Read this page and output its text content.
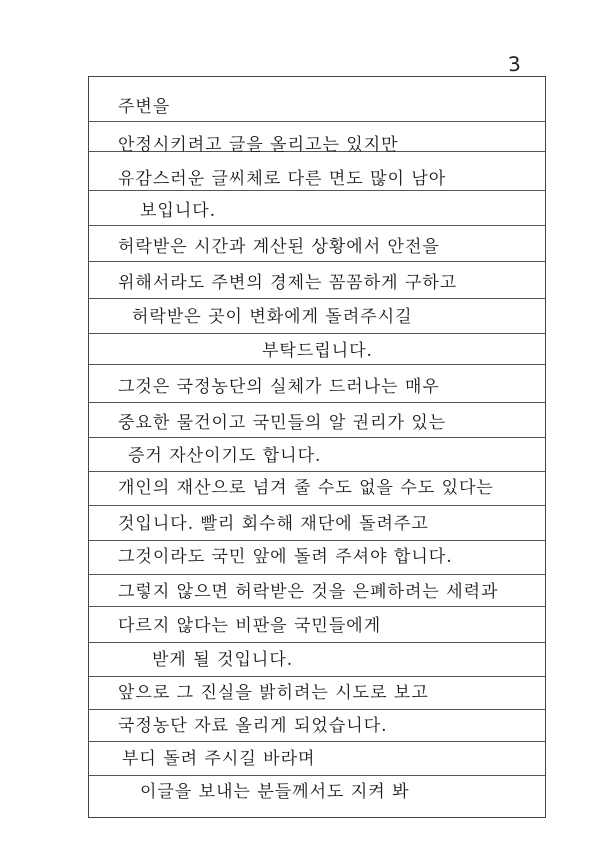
3
주변을
안정시키려고 글을 올리고는 있지만
유감스러운 글씨체로 다른 면도 많이 남아
보입니다.
허락받은 시간과 계산된 상황에서 안전을
위해서라도 주변의 경제는 꼼꼼하게 구하고
허락받은 곳이 변화에게 돌려주시길
부탁드립니다.
그것은 국정농단의 실체가 드러나는 매우
중요한 물건이고 국민들의 알 권리가 있는
증거 자산이기도 합니다.
개인의 재산으로 넘겨 줄 수도 없을 수도 있다는
것입니다. 빨리 회수해 재단에 돌려주고
그것이라도 국민 앞에 돌려 주셔야 합니다.
그렇지 않으면 허락받은 것을 은폐하려는 세력과
다르지 않다는 비판을 국민들에게
받게 될 것입니다.
앞으로 그 진실을 밝히려는 시도로 보고
국정농단 자료 올리게 되었습니다.
부디 돌려 주시길 바라며
이글을 보내는 분들께서도 지켜 봐
